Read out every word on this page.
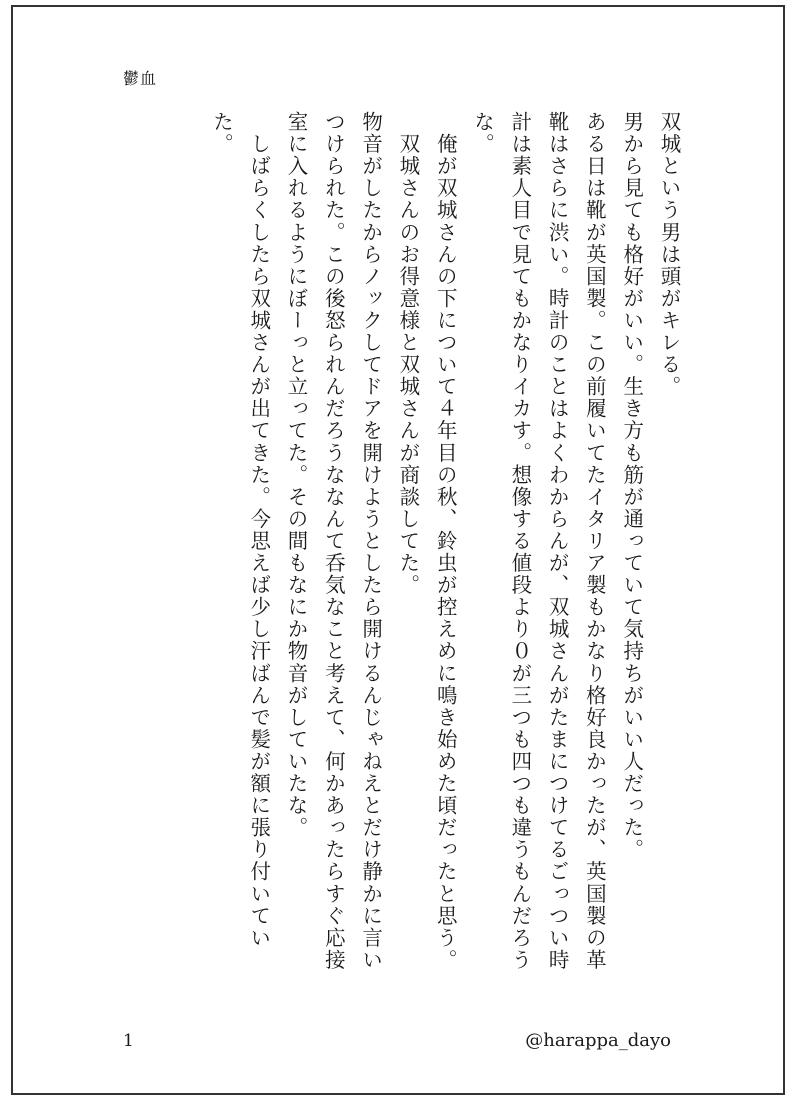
鬱血

双城という男は頭がキレる。

男から見ても格好がいい。生き方も筋が通っていて気持ちがいい人だった。

ある日は靴が英国製。この前履いてたイタリア製もかなり格好良かったが、英国製の革靴はさらに渋い。時計のことはよくわからんが、双城さんがたまにつけてるごっつい時計は素人目で見てもかなりイカす。想像する値段より０が三つも四つも違うもんだろうな。

　俺が双城さんの下について４年目の秋、鈴虫が控えめに鳴き始めた頃だったと思う。

　双城さんのお得意様と双城さんが商談してた。

物音がしたからノックしてドアを開けようとしたら開けるんじゃねえとだけ静かに言いつけられた。この後怒られんだろうななんて呑気なこと考えて、何かあったらすぐ応接室に入れるようにぼーっと立ってた。その間もなにか物音がしていたな。

　しばらくしたら双城さんが出てきた。今思えば少し汗ばんで髪が額に張り付いていた。

1	@harappa_dayo
